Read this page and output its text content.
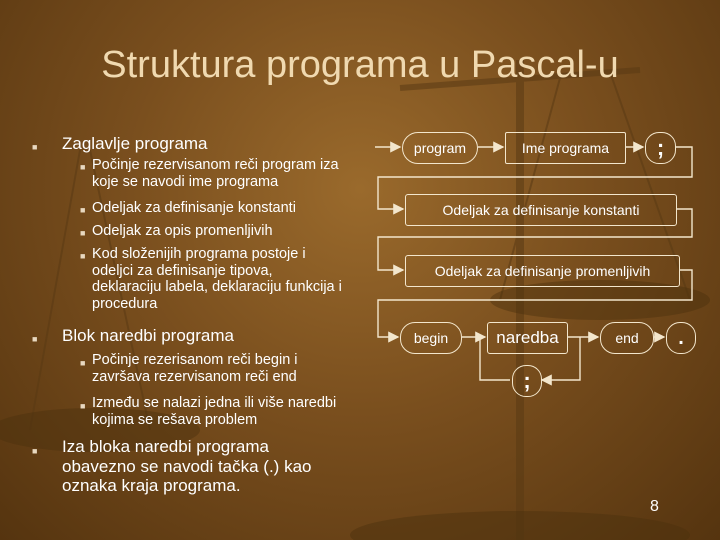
Struktura programa u Pascal-u
■ Zaglavlje programa
■ Počinje rezervisanom reči program iza koje se navodi ime programa
■ Odeljak za definisanje konstanti
■ Odeljak za opis promenljivih
■ Kod složenijih programa postoje i odeljci za definisanje tipova, deklaraciju labela, deklaraciju funkcija i procedura
■ Blok naredbi programa
■ Počinje rezerisanom reči begin i završava rezervisanom reči end
■ Između se nalazi jedna ili više naredbi kojima se rešava problem
■ Iza bloka naredbi programa obavezno se navodi tačka (.) kao oznaka kraja programa.
program	Ime programa	;
Odeljak za definisanje konstanti
Odeljak za definisanje promenljivih
begin	naredba	end	.
;
8
